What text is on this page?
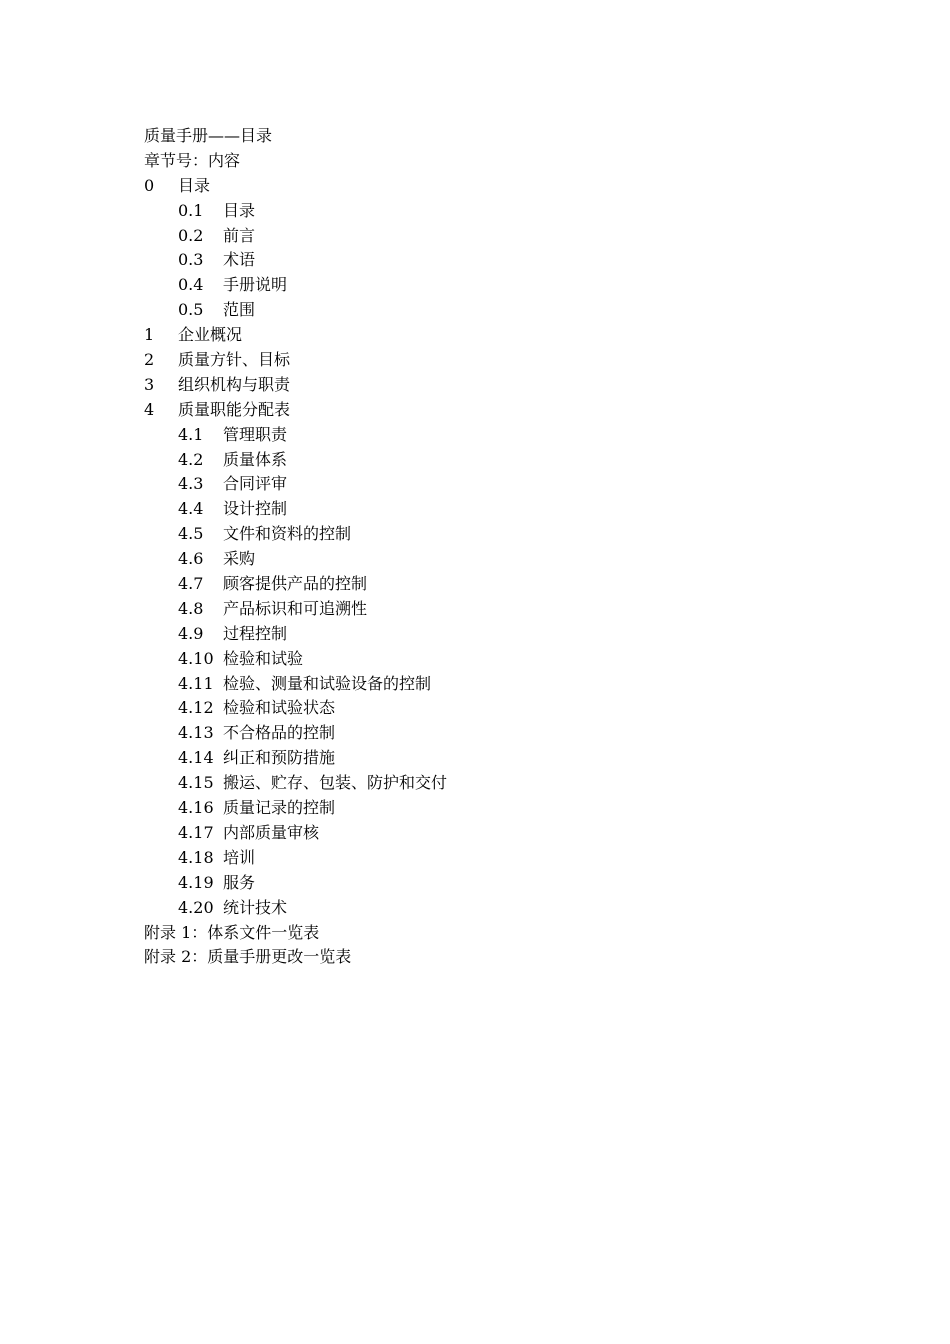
质量手册——目录
章节号：内容
0 目录
0.1 目录
0.2 前言
0.3 术语
0.4 手册说明
0.5 范围
1 企业概况
2 质量方针、目标
3 组织机构与职责
4 质量职能分配表
4.1 管理职责
4.2 质量体系
4.3 合同评审
4.4 设计控制
4.5 文件和资料的控制
4.6 采购
4.7 顾客提供产品的控制
4.8 产品标识和可追溯性
4.9 过程控制
4.10 检验和试验
4.11 检验、测量和试验设备的控制
4.12 检验和试验状态
4.13 不合格品的控制
4.14 纠正和预防措施
4.15 搬运、贮存、包装、防护和交付
4.16 质量记录的控制
4.17 内部质量审核
4.18 培训
4.19 服务
4.20 统计技术
附录 1：体系文件一览表
附录 2：质量手册更改一览表
